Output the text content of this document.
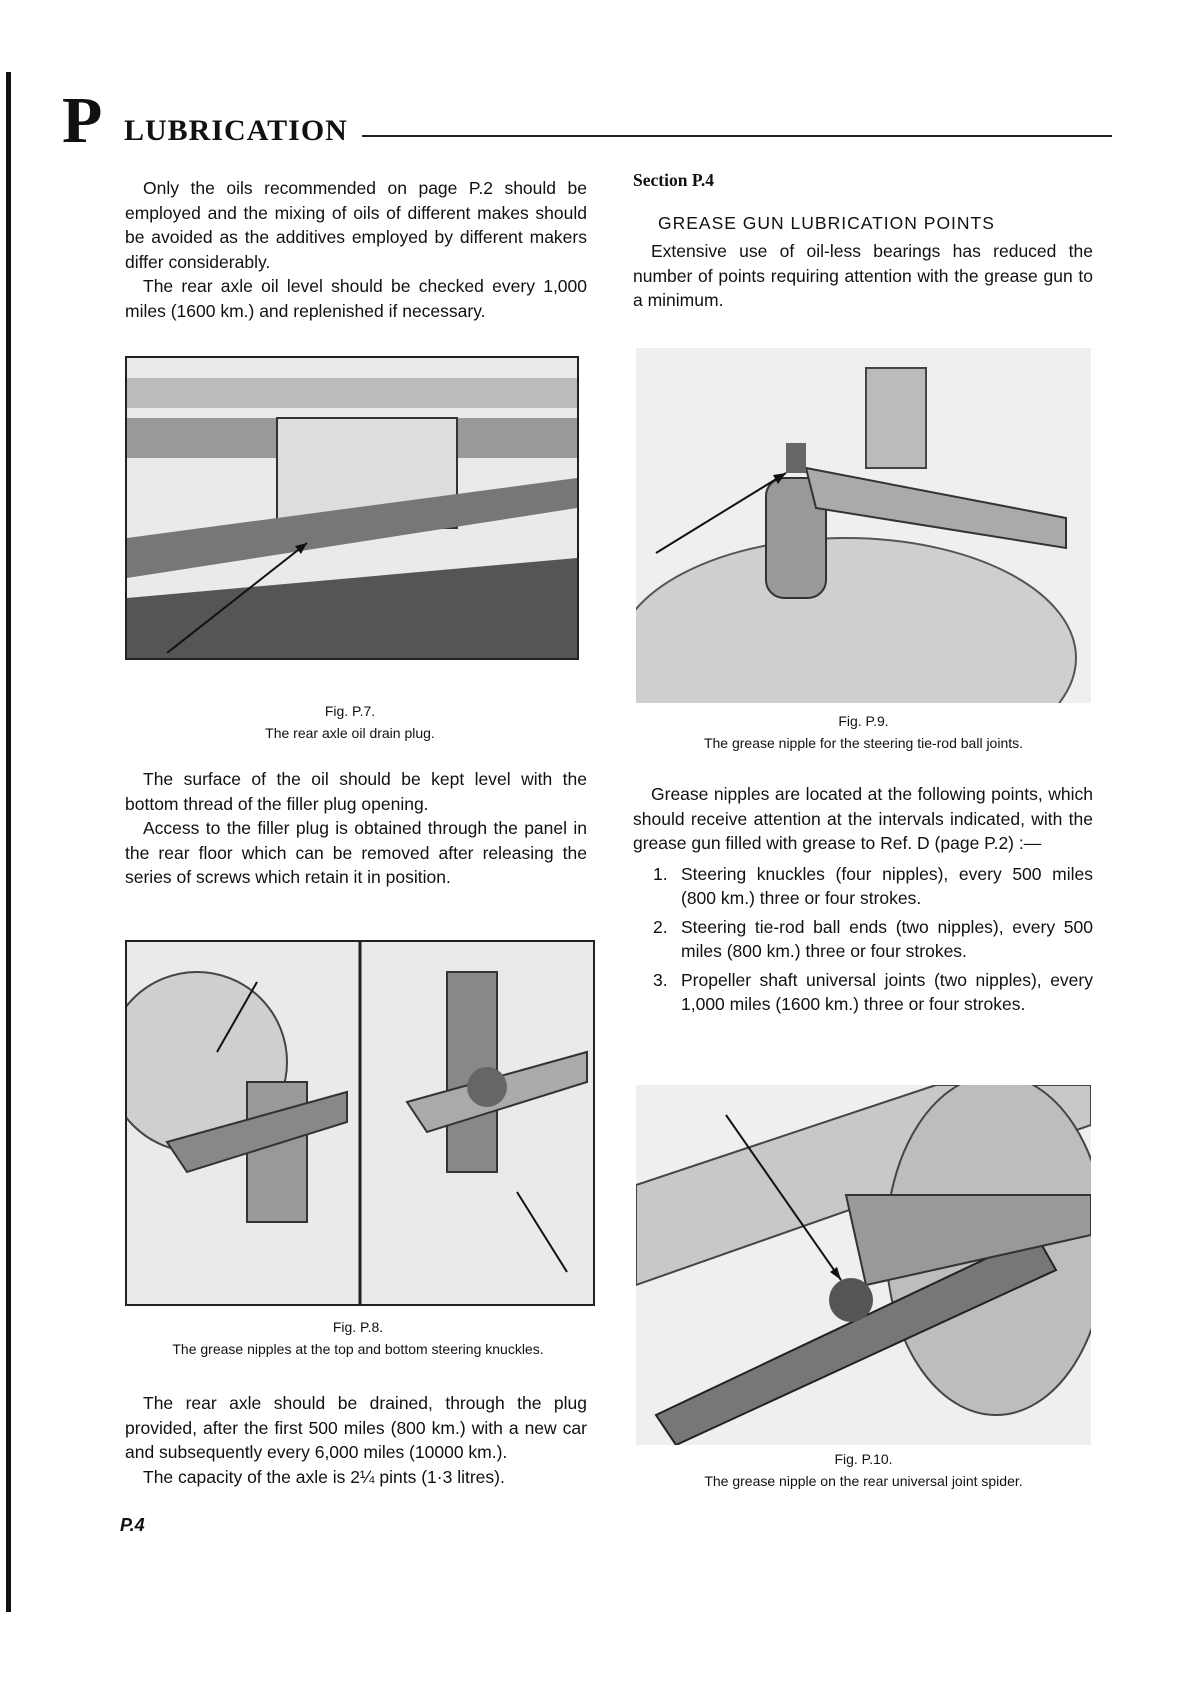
P LUBRICATION

Only the oils recommended on page P.2 should be employed and the mixing of oils of different makes should be avoided as the additives employed by different makers differ considerably.

The rear axle oil level should be checked every 1,000 miles (1600 km.) and replenished if necessary.

Fig. P.7.
The rear axle oil drain plug.

The surface of the oil should be kept level with the bottom thread of the filler plug opening.

Access to the filler plug is obtained through the panel in the rear floor which can be removed after releasing the series of screws which retain it in position.

Fig. P.8.
The grease nipples at the top and bottom steering knuckles.

The rear axle should be drained, through the plug provided, after the first 500 miles (800 km.) with a new car and subsequently every 6,000 miles (10000 km.).

The capacity of the axle is 2¼ pints (1·3 litres).

Section P.4

GREASE GUN LUBRICATION POINTS

Extensive use of oil-less bearings has reduced the number of points requiring attention with the grease gun to a minimum.

Fig. P.9.
The grease nipple for the steering tie-rod ball joints.

Grease nipples are located at the following points, which should receive attention at the intervals indicated, with the grease gun filled with grease to Ref. D (page P.2) :—

1. Steering knuckles (four nipples), every 500 miles (800 km.) three or four strokes.
2. Steering tie-rod ball ends (two nipples), every 500 miles (800 km.) three or four strokes.
3. Propeller shaft universal joints (two nipples), every 1,000 miles (1600 km.) three or four strokes.
Fig. P.10.
The grease nipple on the rear universal joint spider.
P.4
